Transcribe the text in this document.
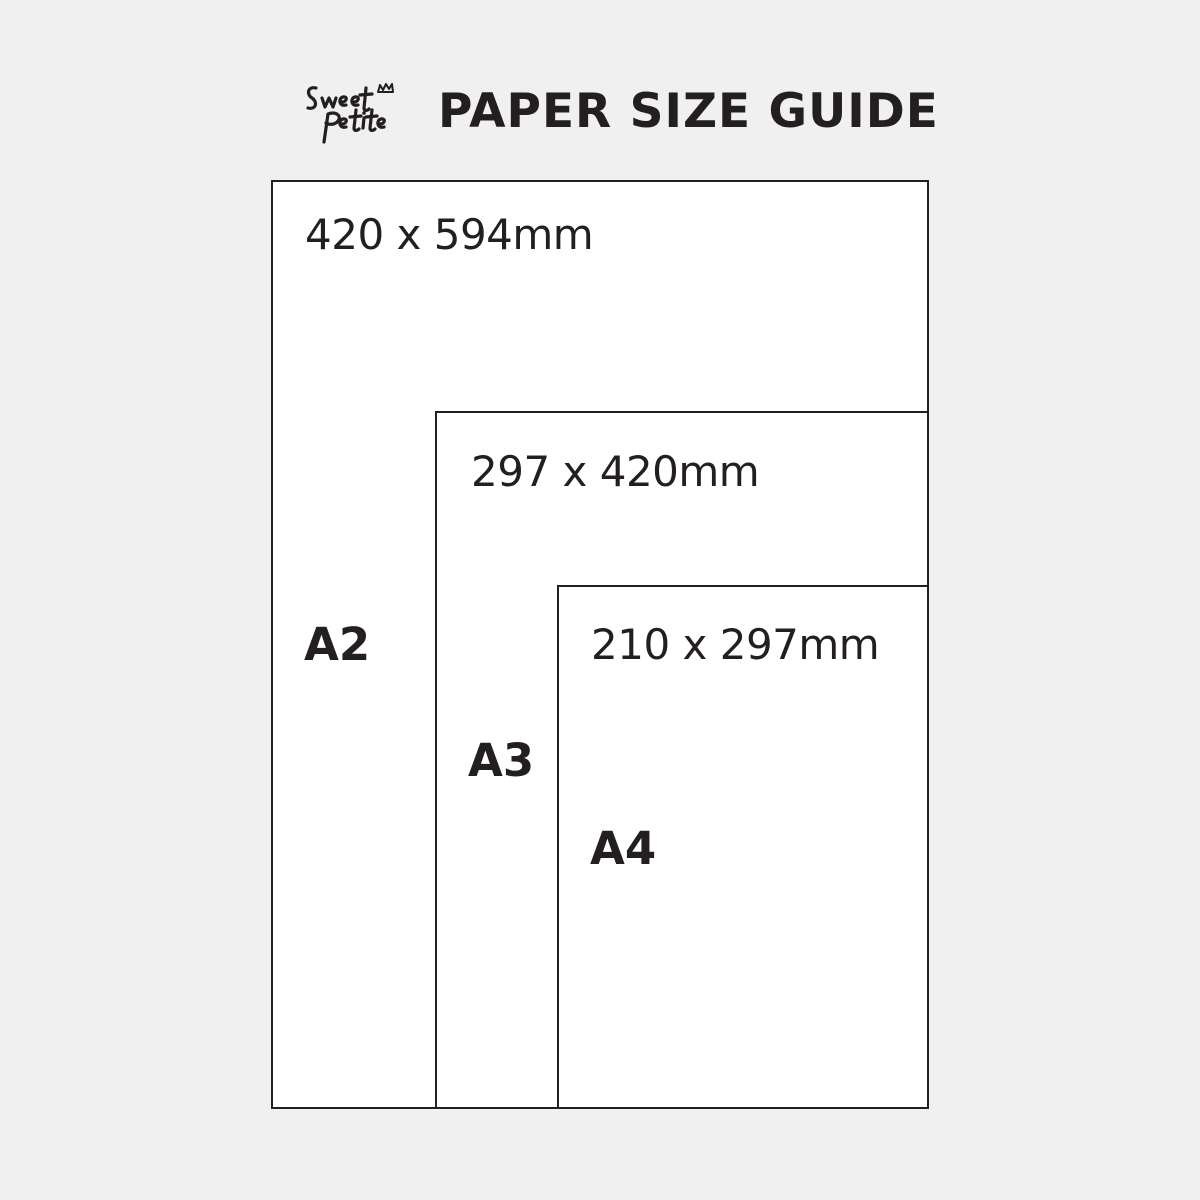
PAPER SIZE GUIDE
420 x 594mm
A2
297 x 420mm
A3
210 x 297mm
A4
